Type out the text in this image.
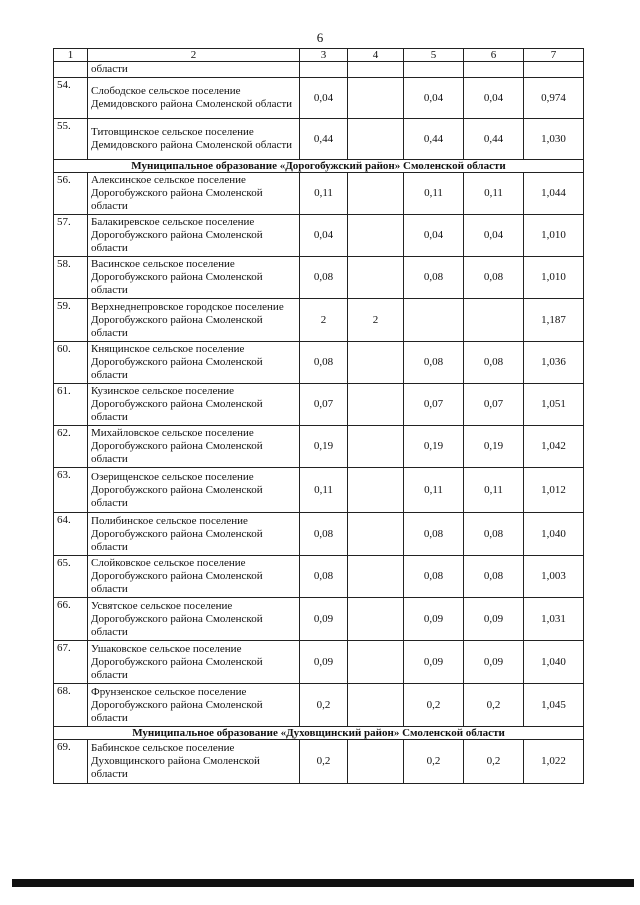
6
1	2	3	4	5	6	7
	области					
54.	Слободское сельское поселение Демидовского района Смоленской области	0,04		0,04	0,04	0,974
55.	Титовщинское сельское поселение Демидовского района Смоленской области	0,44		0,44	0,44	1,030
Муниципальное образование «Дорогобужский район» Смоленской области						
56.	Алексинское сельское поселение Дорогобужского района Смоленской области	0,11		0,11	0,11	1,044
57.	Балакиревское сельское поселение Дорогобужского района Смоленской области	0,04		0,04	0,04	1,010
58.	Васинское сельское поселение Дорогобужского района Смоленской области	0,08		0,08	0,08	1,010
59.	Верхнеднепровское городское поселение Дорогобужского района Смоленской области	2	2			1,187
60.	Княщинское сельское поселение Дорогобужского района Смоленской области	0,08		0,08	0,08	1,036
61.	Кузинское сельское поселение Дорогобужского района Смоленской области	0,07		0,07	0,07	1,051
62.	Михайловское сельское поселение Дорогобужского района Смоленской области	0,19		0,19	0,19	1,042
63.	Озерищенское сельское поселение Дорогобужского района Смоленской области	0,11		0,11	0,11	1,012
64.	Полибинское сельское поселение Дорогобужского района Смоленской области	0,08		0,08	0,08	1,040
65.	Слойковское сельское поселение Дорогобужского района Смоленской области	0,08		0,08	0,08	1,003
66.	Усвятское сельское поселение Дорогобужского района Смоленской области	0,09		0,09	0,09	1,031
67.	Ушаковское сельское поселение Дорогобужского района Смоленской области	0,09		0,09	0,09	1,040
68.	Фрунзенское сельское поселение Дорогобужского района Смоленской области	0,2		0,2	0,2	1,045
Муниципальное образование «Духовщинский район» Смоленской области						
69.	Бабинское сельское поселение Духовщинского района Смоленской области	0,2		0,2	0,2	1,022
